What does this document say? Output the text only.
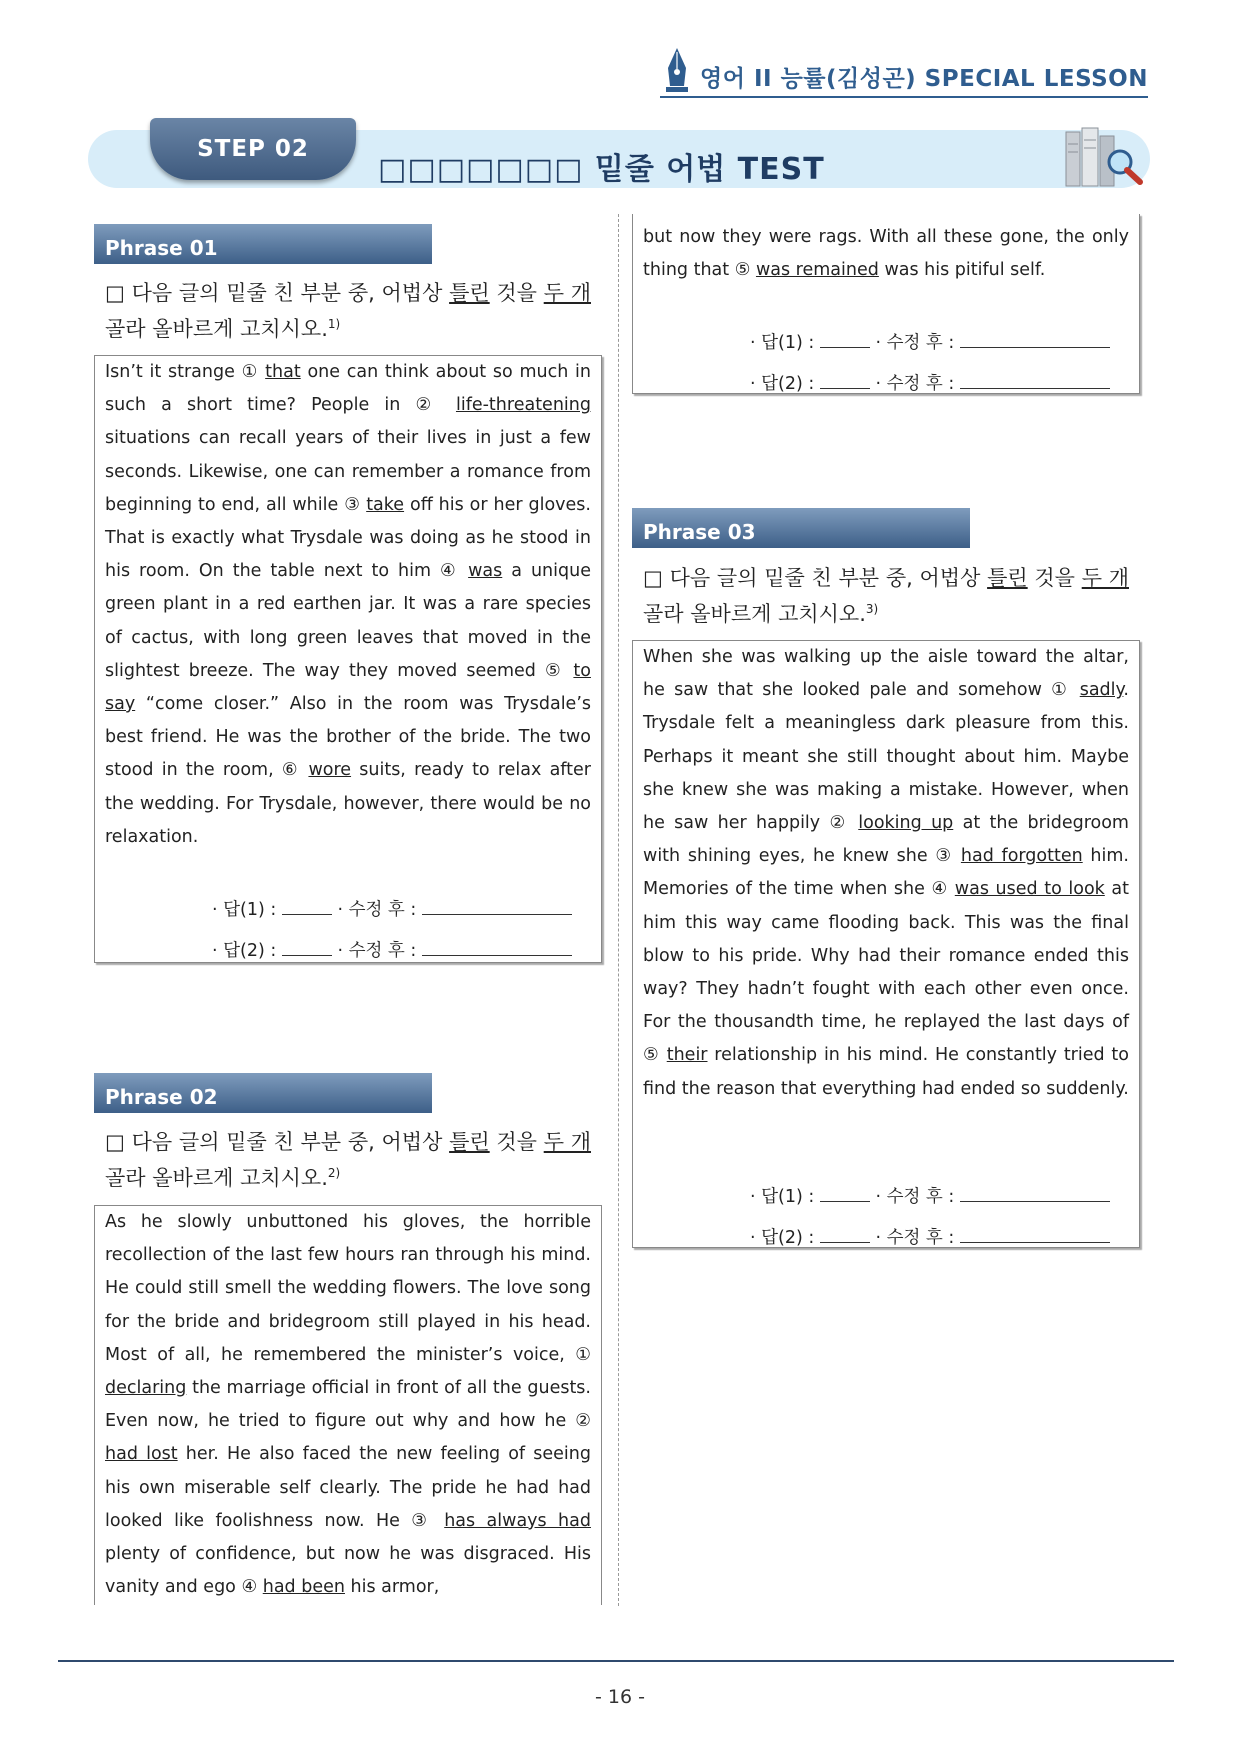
영어 II 능률(김성곤) SPECIAL LESSON
STEP 02
□□□□□□□ 밑줄 어법 TEST
Phrase 01
□ 다음 글의 밑줄 친 부분 중, 어법상 틀린 것을 두 개 골라 올바르게 고치시오.$^{1)}$
Isn’t it strange ① that one can think about so much in such a short time? People in ② life-threatening situations can recall years of their lives in just a few seconds. Likewise, one can remember a romance from beginning to end, all while ③ take off his or her gloves. That is exactly what Trysdale was doing as he stood in his room. On the table next to him ④ was a unique green plant in a red earthen jar. It was a rare species of cactus, with long green leaves that moved in the slightest breeze. The way they moved seemed ⑤ to say “come closer.” Also in the room was Trysdale’s best friend. He was the brother of the bride. The two stood in the room, ⑥ wore suits, ready to relax after the wedding. For Trysdale, however, there would be no relaxation.
· 답(1) :	· 수정 후 :
· 답(2) :	· 수정 후 :
Phrase 02
□ 다음 글의 밑줄 친 부분 중, 어법상 틀린 것을 두 개 골라 올바르게 고치시오.$^{2)}$
As he slowly unbuttoned his gloves, the horrible recollection of the last few hours ran through his mind. He could still smell the wedding flowers. The love song for the bride and bridegroom still played in his head. Most of all, he remembered the minister’s voice, ① declaring the marriage official in front of all the guests. Even now, he tried to figure out why and how he ② had lost her. He also faced the new feeling of seeing his own miserable self clearly. The pride he had had looked like foolishness now. He ③ has always had plenty of confidence, but now he was disgraced. His vanity and ego ④ had been his armor,
but now they were rags. With all these gone, the only thing that ⑤ was remained was his pitiful self.
· 답(1) :	· 수정 후 :
· 답(2) :	· 수정 후 :
Phrase 03
□ 다음 글의 밑줄 친 부분 중, 어법상 틀린 것을 두 개 골라 올바르게 고치시오.$^{3)}$
When she was walking up the aisle toward the altar, he saw that she looked pale and somehow ① sadly. Trysdale felt a meaningless dark pleasure from this. Perhaps it meant she still thought about him. Maybe she knew she was making a mistake. However, when he saw her happily ② looking up at the bridegroom with shining eyes, he knew she ③ had forgotten him. Memories of the time when she ④ was used to look at him this way came flooding back. This was the final blow to his pride. Why had their romance ended this way? They hadn’t fought with each other even once. For the thousandth time, he replayed the last days of ⑤ their relationship in his mind. He constantly tried to find the reason that everything had ended so suddenly.
· 답(1) :	· 수정 후 :
· 답(2) :	· 수정 후 :
- 16 -
